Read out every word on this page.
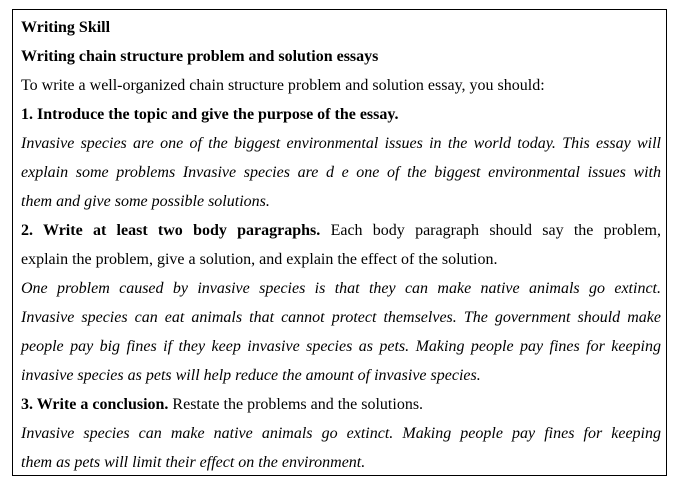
Writing Skill
Writing chain structure problem and solution essays
To write a well-organized chain structure problem and solution essay, you should:
1. Introduce the topic and give the purpose of the essay.
Invasive species are one of the biggest environmental issues in the world today. This essay will
explain some problems Invasive species are d e one of the biggest environmental issues with
them and give some possible solutions.
2. Write at least two body paragraphs. Each body paragraph should say the problem,
explain the problem, give a solution, and explain the effect of the solution.
One problem caused by invasive species is that they can make native animals go extinct.
Invasive species can eat animals that cannot protect themselves. The government should make
people pay big fines if they keep invasive species as pets. Making people pay fines for keeping
invasive species as pets will help reduce the amount of invasive species.
3. Write a conclusion. Restate the problems and the solutions.
Invasive species can make native animals go extinct. Making people pay fines for keeping
them as pets will limit their effect on the environment.
